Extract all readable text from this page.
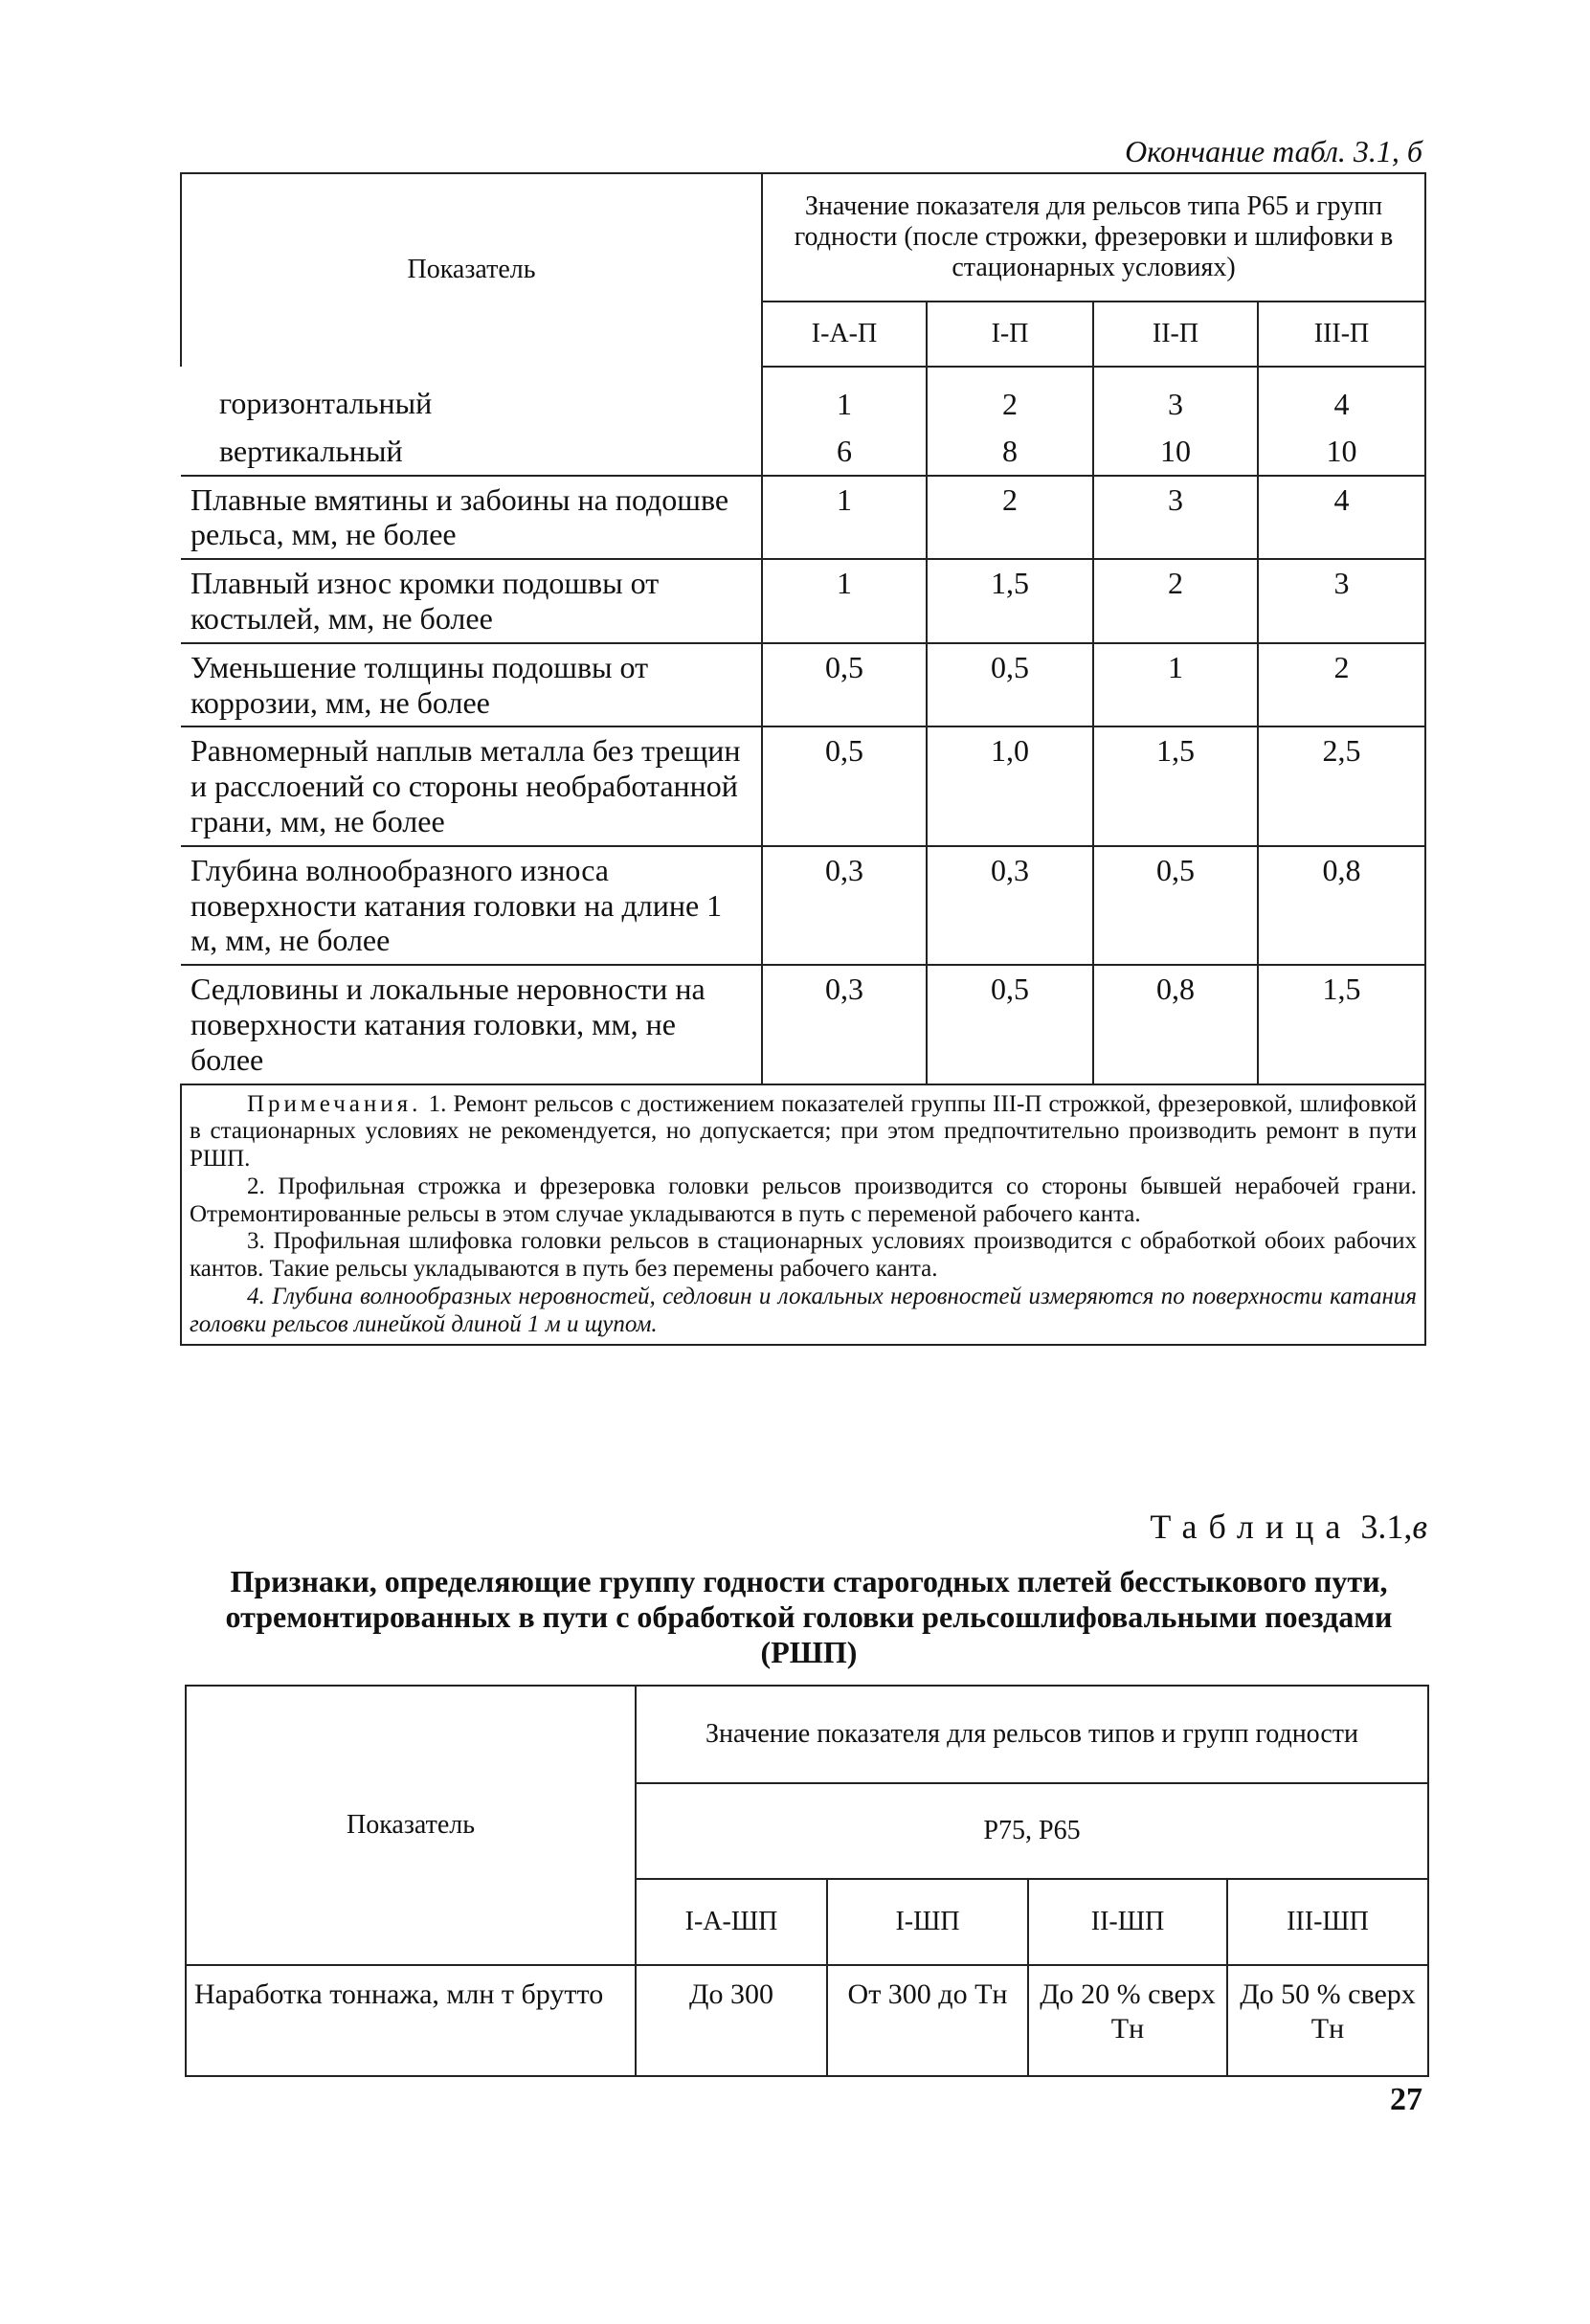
Окончание табл. 3.1, б
Показатель	Значение показателя для рельсов типа Р65 и групп годности (после строжки, фрезеровки и шлифовки в стационарных условиях)			
	I-А-П	I-П	II-П	III-П
горизонтальный	1	2	3	4
вертикальный	6	8	10	10
Плавные вмятины и забоины на подошве рельса, мм, не более	1	2	3	4
Плавный износ кромки подошвы от костылей, мм, не более	1	1,5	2	3
Уменьшение толщины подошвы от коррозии, мм, не более	0,5	0,5	1	2
Равномерный наплыв металла без трещин и расслоений со стороны необработанной грани, мм, не более	0,5	1,0	1,5	2,5
Глубина волнообразного износа поверхности катания головки на длине 1 м, мм, не более	0,3	0,3	0,5	0,8
Седловины и локальные неровности на поверхности катания головки, мм, не более	0,3	0,5	0,8	1,5

Примечания. 1. Ремонт рельсов с достижением показателей группы III-П строжкой, фрезеровкой, шлифовкой в стационарных условиях не рекомендуется, но допускается; при этом предпочтительно производить ремонт в пути РШП.

2. Профильная строжка и фрезеровка головки рельсов производится со стороны бывшей нерабочей грани. Отремонтированные рельсы в этом случае укладываются в путь с переменой рабочего канта.

3. Профильная шлифовка головки рельсов в стационарных условиях производится с обработкой обоих рабочих кантов. Такие рельсы укладываются в путь без перемены рабочего канта.

4. Глубина волнообразных неровностей, седловин и локальных неровностей измеряются по поверхности катания головки рельсов линейкой длиной 1 м и щупом.				

Таблица 3.1,в
Признаки, определяющие группу годности старогодных плетей бесстыкового пути, отремонтированных в пути с обработкой головки рельсошлифовальными поездами (РШП)
Показатель	Значение показателя для рельсов типов и групп годности			
	Р75, Р65			
	I-А-ШП	I-ШП	II-ШП	III-ШП
Наработка тоннажа, млн т брутто	До 300	От 300 до Tн	До 20 % сверх Tн	До 50 % сверх Tн
27
